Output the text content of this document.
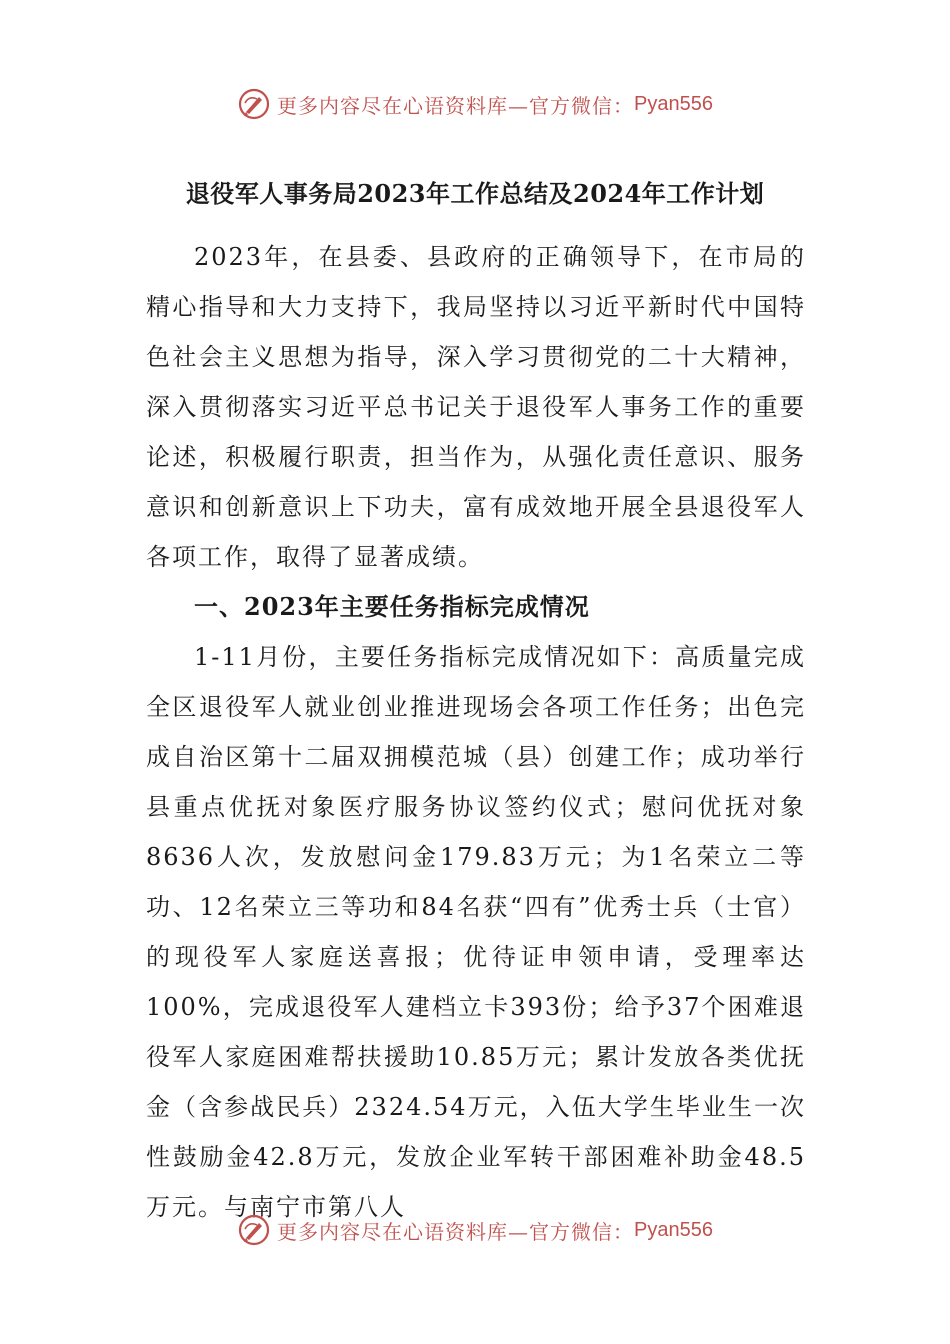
更多内容尽在心语资料库—官方微信： Pyan556
退役军人事务局2023年工作总结及2024年工作计划

2023年，在县委、县政府的正确领导下，在市局的精心指导和大力支持下，我局坚持以习近平新时代中国特色社会主义思想为指导，深入学习贯彻党的二十大精神，深入贯彻落实习近平总书记关于退役军人事务工作的重要论述，积极履行职责，担当作为，从强化责任意识、服务意识和创新意识上下功夫，富有成效地开展全县退役军人各项工作，取得了显著成绩。

一、2023年主要任务指标完成情况

1-11月份，主要任务指标完成情况如下：高质量完成全区退役军人就业创业推进现场会各项工作任务；出色完成自治区第十二届双拥模范城（县）创建工作；成功举行县重点优抚对象医疗服务协议签约仪式；慰问优抚对象8636人次，发放慰问金179.83万元；为1名荣立二等功、12名荣立三等功和84名获“四有”优秀士兵（士官）的现役军人家庭送喜报；优待证申领申请，受理率达100%，完成退役军人建档立卡393份；给予37个困难退役军人家庭困难帮扶援助10.85万元；累计发放各类优抚金（含参战民兵）2324.54万元，入伍大学生毕业生一次性鼓励金42.8万元，发放企业军转干部困难补助金48.5万元。与南宁市第八人

更多内容尽在心语资料库—官方微信： Pyan556
